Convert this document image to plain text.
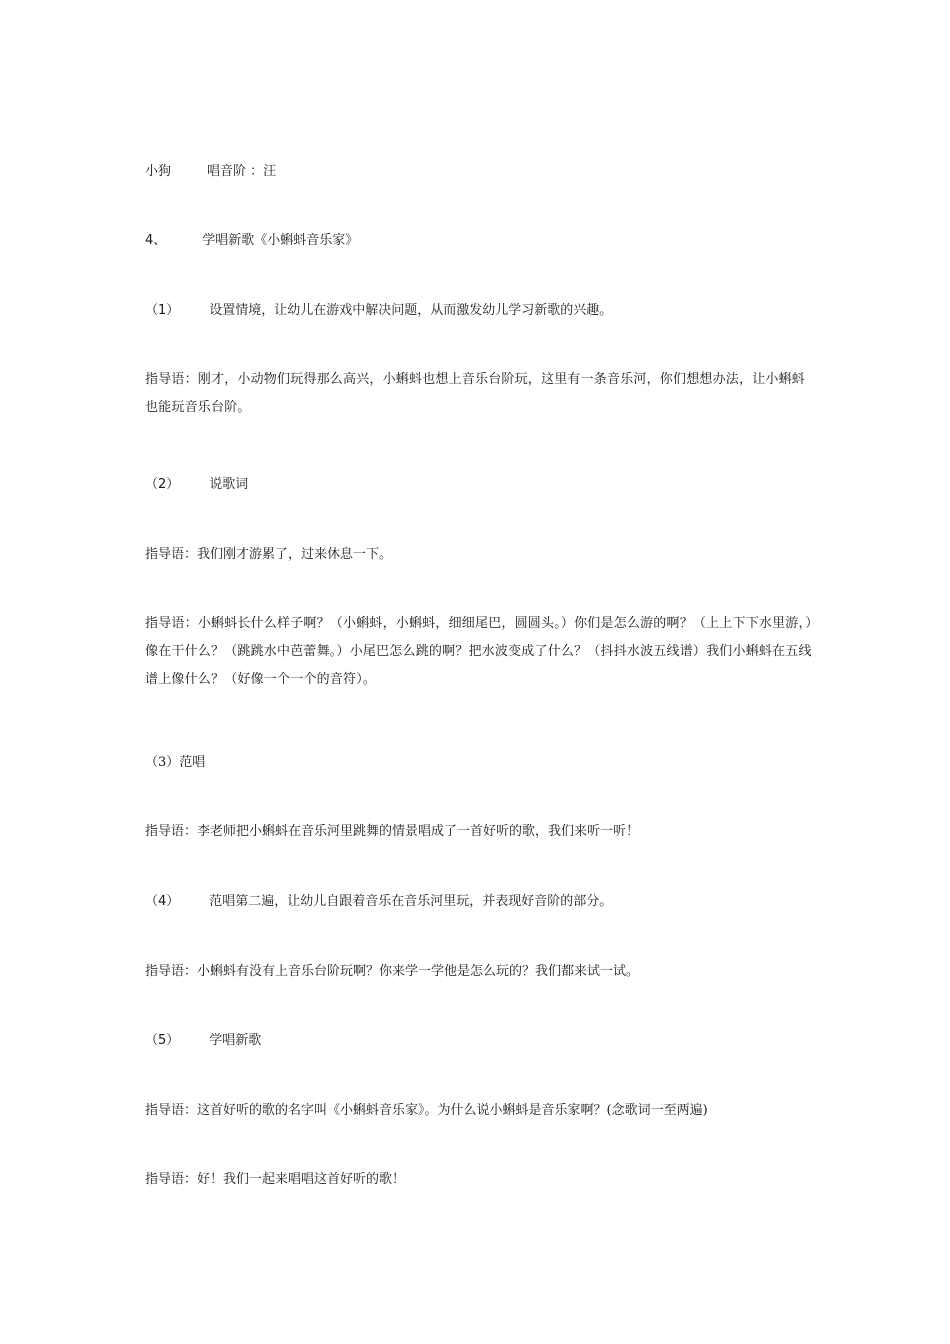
小狗	唱音阶 ：汪
4、	学唱新歌《小蝌蚪音乐家》
（1） 设置情境，让幼儿在游戏中解决问题，从而激发幼儿学习新歌的兴趣。
指导语：刚才，小动物们玩得那么高兴，小蝌蚪也想上音乐台阶玩，这里有一条音乐河，你们想想办法，让小蝌蚪也能玩音乐台阶。
（2） 说歌词
指导语：我们刚才游累了，过来休息一下。
指导语：小蝌蚪长什么样子啊？（小蝌蚪，小蝌蚪，细细尾巴，圆圆头。）你们是怎么游的啊？（上上下下水里游，）像在干什么？（跳跳水中芭蕾舞。）小尾巴怎么跳的啊？把水波变成了什么？（抖抖水波五线谱）我们小蝌蚪在五线谱上像什么？（好像一个一个的音符）。
（3）范唱
指导语：李老师把小蝌蚪在音乐河里跳舞的情景唱成了一首好听的歌，我们来听一听！
（4） 范唱第二遍，让幼儿自跟着音乐在音乐河里玩，并表现好音阶的部分。
指导语：小蝌蚪有没有上音乐台阶玩啊？你来学一学他是怎么玩的？我们都来试一试。
（5） 学唱新歌
指导语：这首好听的歌的名字叫《小蝌蚪音乐家》。为什么说小蝌蚪是音乐家啊？(念歌词一至两遍)
指导语：好！我们一起来唱唱这首好听的歌！
